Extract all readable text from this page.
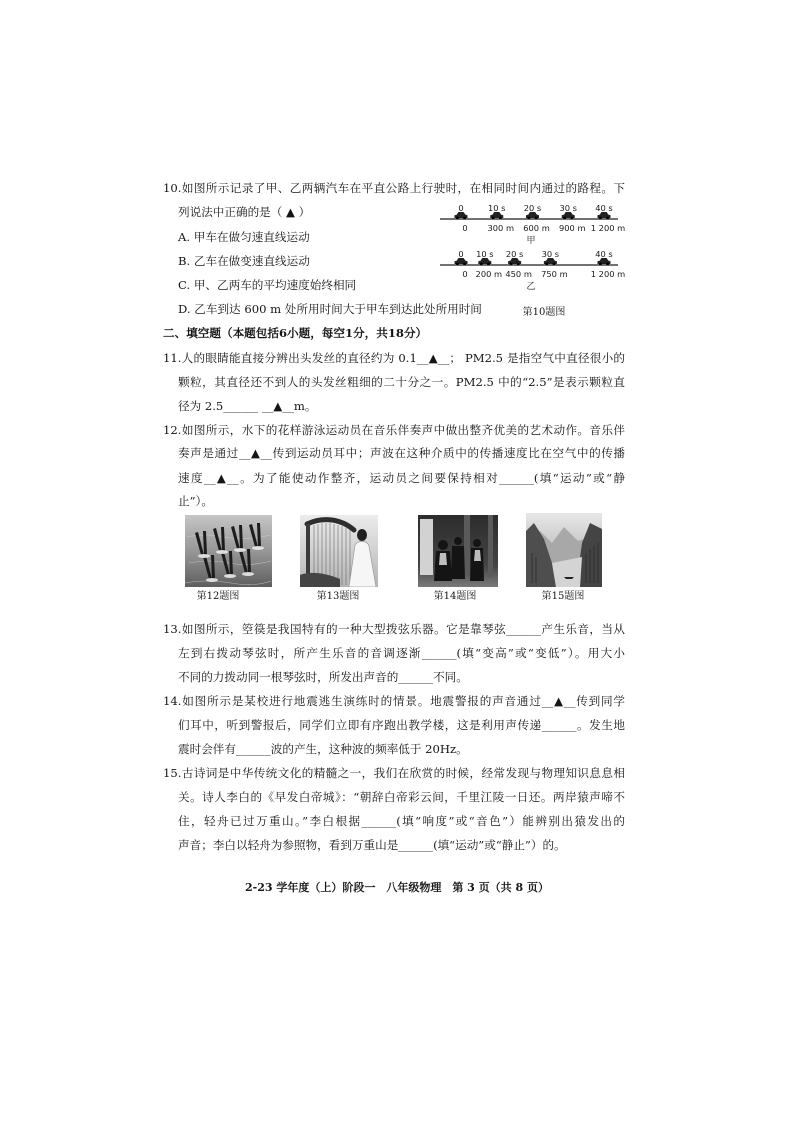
10.如图所示记录了甲、乙两辆汽车在平直公路上行驶时，在相同时间内通过的路程。下
列说法中正确的是（ ▲ ）
A. 甲车在做匀速直线运动
B. 乙车在做变速直线运动
C. 甲、乙两车的平均速度始终相同
D. 乙车到达 600 m 处所用时间大于甲车到达此处所用时间
0
0
10 s
300 m
20 s
600 m
30 s
900 m
40 s
1 200 m
甲
0
0
10 s
200 m
20 s
450 m
30 s
750 m
40 s
1 200 m
乙
第10题图
二、填空题（本题包括6小题，每空1分，共18分）
11.人的眼睛能直接分辨出头发丝的直径约为 0.1__▲__； PM2.5 是指空气中直径很小的
颗粒，其直径还不到人的头发丝粗细的二十分之一。PM2.5 中的“2.5”是表示颗粒直
径为 2.5______ __▲__m。
12.如图所示，水下的花样游泳运动员在音乐伴奏声中做出整齐优美的艺术动作。音乐伴
奏声是通过__▲__传到运动员耳中；声波在这种介质中的传播速度比在空气中的传播
速度__▲__。为了能使动作整齐，运动员之间要保持相对______(填“运动”或“静
止”）。
第12题图	第13题图	第14题图	第15题图
13.如图所示，箜篌是我国特有的一种大型拨弦乐器。它是靠琴弦______产生乐音，当从
左到右拨动琴弦时，所产生乐音的音调逐渐______(填“变高”或“变低”）。用大小
不同的力拨动同一根琴弦时，所发出声音的______不同。
14.如图所示是某校进行地震逃生演练时的情景。地震警报的声音通过__▲__传到同学
们耳中，听到警报后，同学们立即有序跑出教学楼，这是利用声传递______。发生地
震时会伴有______波的产生，这种波的频率低于 20Hz。
15.古诗词是中华传统文化的精髓之一，我们在欣赏的时候，经常发现与物理知识息息相
关。诗人李白的《早发白帝城》：“朝辞白帝彩云间，千里江陵一日还。两岸猿声啼不
住，轻舟已过万重山。”李白根据______(填“响度”或“音色”）能辨别出猿发出的
声音；李白以轻舟为参照物，看到万重山是______(填“运动”或“静止”）的。
2-23 学年度（上）阶段一　八年级物理　第 3 页（共 8 页）
